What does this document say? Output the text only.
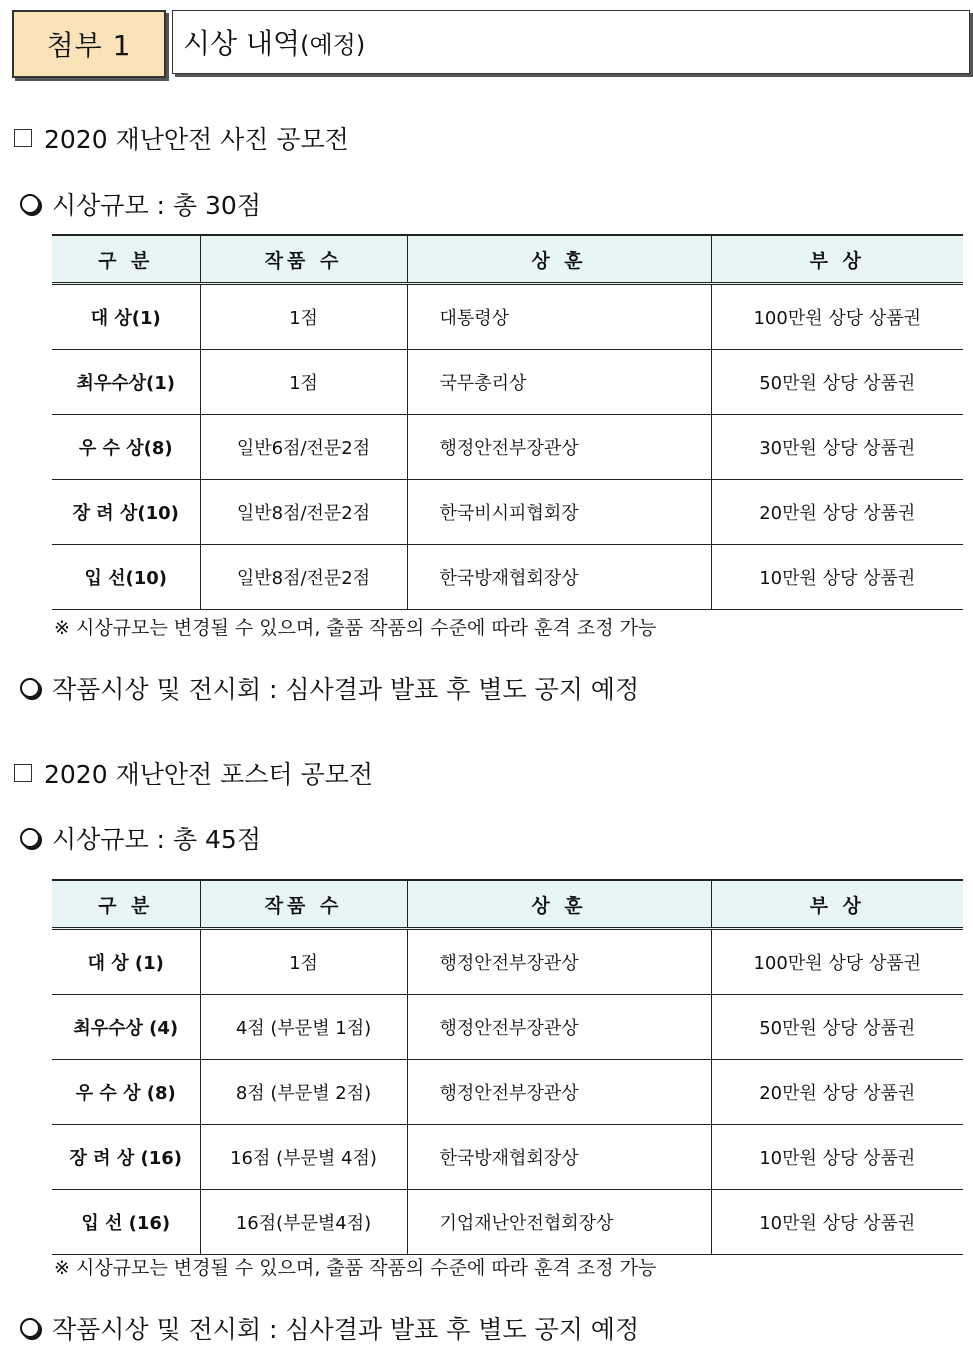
첨부 1	시상 내역 (예정)
2020 재난안전 사진 공모전
시상규모 : 총 30점
구 분	작품 수	상 훈	부 상
대 상(1)	1점	대통령상	100만원 상당 상품권
최우수상(1)	1점	국무총리상	50만원 상당 상품권
우 수 상(8)	일반6점/전문2점	행정안전부장관상	30만원 상당 상품권
장 려 상(10)	일반8점/전문2점	한국비시피협회장	20만원 상당 상품권
입 선(10)	일반8점/전문2점	한국방재협회장상	10만원 상당 상품권
※ 시상규모는 변경될 수 있으며, 출품 작품의 수준에 따라 훈격 조정 가능
작품시상 및 전시회 : 심사결과 발표 후 별도 공지 예정
2020 재난안전 포스터 공모전
시상규모 : 총 45점
구 분	작품 수	상 훈	부 상
대 상 (1)	1점	행정안전부장관상	100만원 상당 상품권
최우수상 (4)	4점 (부문별 1점)	행정안전부장관상	50만원 상당 상품권
우 수 상 (8)	8점 (부문별 2점)	행정안전부장관상	20만원 상당 상품권
장 려 상 (16)	16점 (부문별 4점)	한국방재협회장상	10만원 상당 상품권
입 선 (16)	16점(부문별4점)	기업재난안전협회장상	10만원 상당 상품권
※ 시상규모는 변경될 수 있으며, 출품 작품의 수준에 따라 훈격 조정 가능
작품시상 및 전시회 : 심사결과 발표 후 별도 공지 예정
